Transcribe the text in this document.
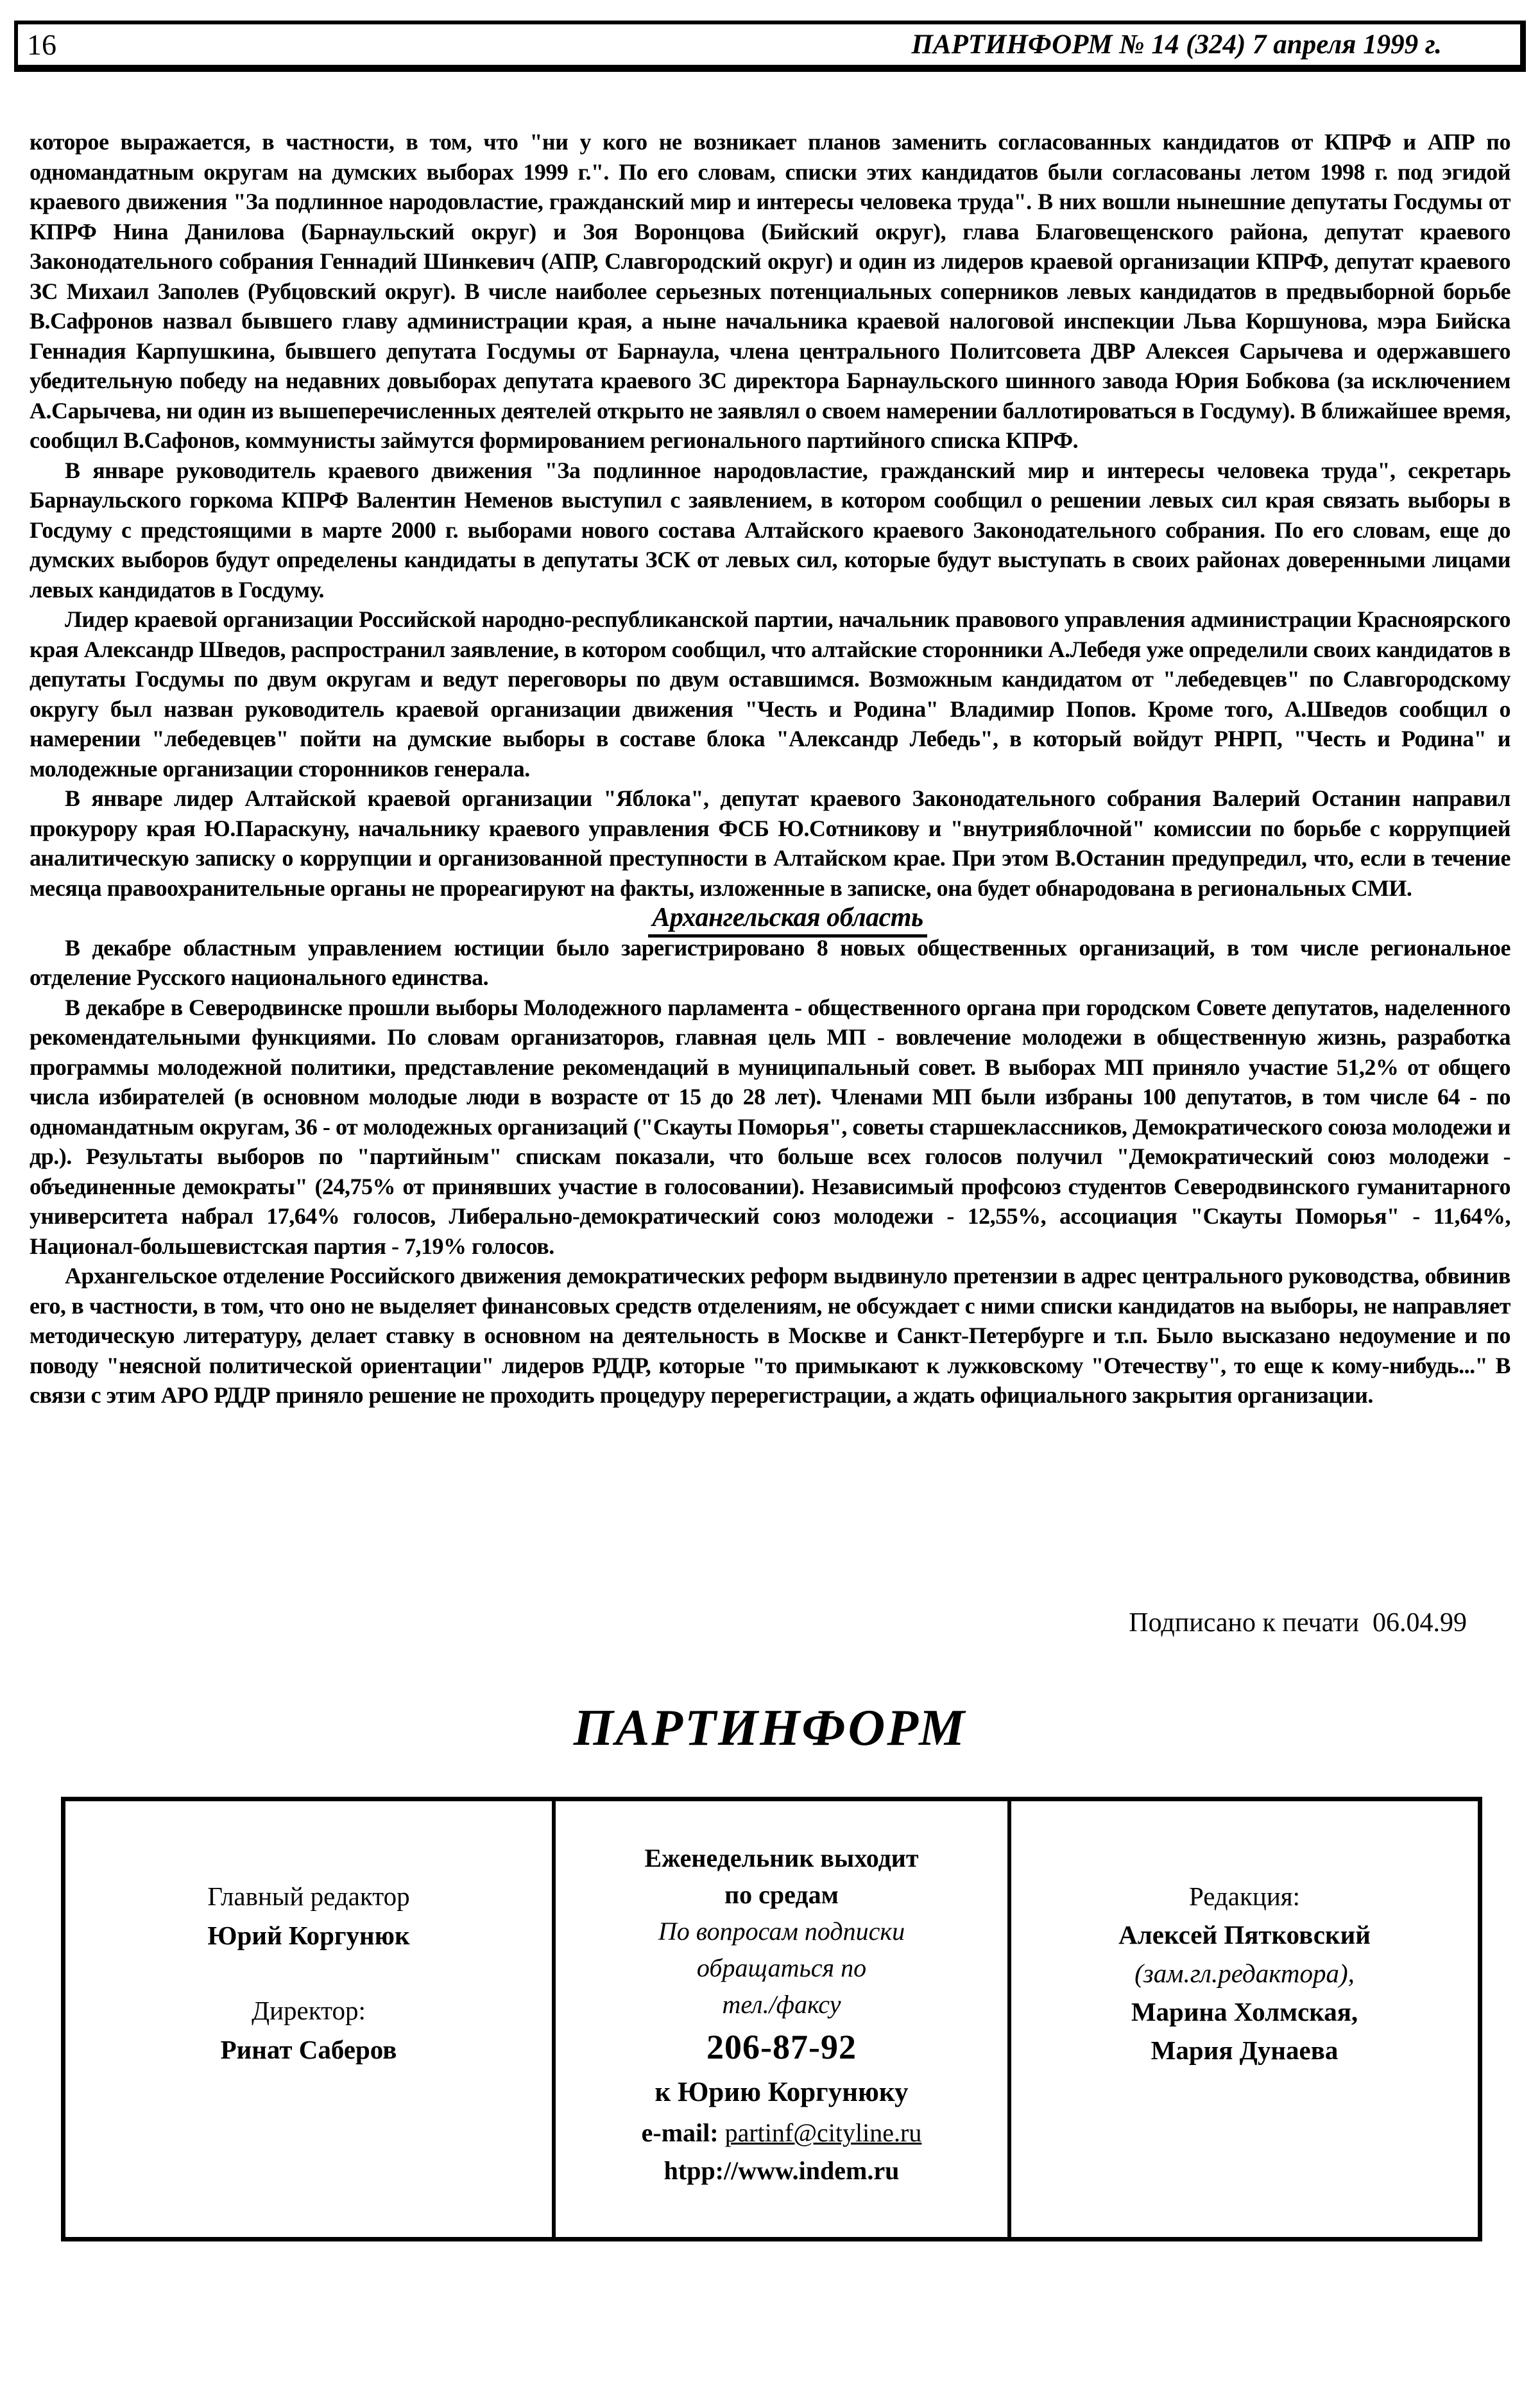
16	ПАРТИНФОРМ № 14 (324) 7 апреля 1999 г.

которое выражается, в частности, в том, что "ни у кого не возникает планов заменить согласованных кандидатов от КПРФ и АПР по одномандатным округам на думских выборах 1999 г.". По его словам, списки этих кандидатов были согласованы летом 1998 г. под эгидой краевого движения "За подлинное народовластие, гражданский мир и интересы человека труда". В них вошли нынешние депутаты Госдумы от КПРФ Нина Данилова (Барнаульский округ) и Зоя Воронцова (Бийский округ), глава Благовещенского района, депутат краевого Законодательного собрания Геннадий Шинкевич (АПР, Славгородский округ) и один из лидеров краевой организации КПРФ, депутат краевого ЗС Михаил Заполев (Рубцовский округ). В числе наиболее серьезных потенциальных соперников левых кандидатов в предвыборной борьбе В.Сафронов назвал бывшего главу администрации края, а ныне начальника краевой налоговой инспекции Льва Коршунова, мэра Бийска Геннадия Карпушкина, бывшего депутата Госдумы от Барнаула, члена центрального Политсовета ДВР Алексея Сарычева и одержавшего убедительную победу на недавних довыборах депутата краевого ЗС директора Барнаульского шинного завода Юрия Бобкова (за исключением А.Сарычева, ни один из вышеперечисленных деятелей открыто не заявлял о своем намерении баллотироваться в Госдуму). В ближайшее время, сообщил В.Сафонов, коммунисты займутся формированием регионального партийного списка КПРФ.

В январе руководитель краевого движения "За подлинное народовластие, гражданский мир и интересы человека труда", секретарь Барнаульского горкома КПРФ Валентин Неменов выступил с заявлением, в котором сообщил о решении левых сил края связать выборы в Госдуму с предстоящими в марте 2000 г. выборами нового состава Алтайского краевого Законодательного собрания. По его словам, еще до думских выборов будут определены кандидаты в депутаты ЗСК от левых сил, которые будут выступать в своих районах доверенными лицами левых кандидатов в Госдуму.

Лидер краевой организации Российской народно-республиканской партии, начальник правового управления администрации Красноярского края Александр Шведов, распространил заявление, в котором сообщил, что алтайские сторонники А.Лебедя уже определили своих кандидатов в депутаты Госдумы по двум округам и ведут переговоры по двум оставшимся. Возможным кандидатом от "лебедевцев" по Славгородскому округу был назван руководитель краевой организации движения "Честь и Родина" Владимир Попов. Кроме того, А.Шведов сообщил о намерении "лебедевцев" пойти на думские выборы в составе блока "Александр Лебедь", в который войдут РНРП, "Честь и Родина" и молодежные организации сторонников генерала.

В январе лидер Алтайской краевой организации "Яблока", депутат краевого Законодательного собрания Валерий Останин направил прокурору края Ю.Параскуну, начальнику краевого управления ФСБ Ю.Сотникову и "внутрияблочной" комиссии по борьбе с коррупцией аналитическую записку о коррупции и организованной преступности в Алтайском крае. При этом В.Останин предупредил, что, если в течение месяца правоохранительные органы не прореагируют на факты, изложенные в записке, она будет обнародована в региональных СМИ.

Архангельская область

В декабре областным управлением юстиции было зарегистрировано 8 новых общественных организаций, в том числе региональное отделение Русского национального единства.

В декабре в Северодвинске прошли выборы Молодежного парламента - общественного органа при городском Совете депутатов, наделенного рекомендательными функциями. По словам организаторов, главная цель МП - вовлечение молодежи в общественную жизнь, разработка программы молодежной политики, представление рекомендаций в муниципальный совет. В выборах МП приняло участие 51,2% от общего числа избирателей (в основном молодые люди в возрасте от 15 до 28 лет). Членами МП были избраны 100 депутатов, в том числе 64 - по одномандатным округам, 36 - от молодежных организаций ("Скауты Поморья", советы старшеклассников, Демократического союза молодежи и др.). Результаты выборов по "партийным" спискам показали, что больше всех голосов получил "Демократический союз молодежи - объединенные демократы" (24,75% от принявших участие в голосовании). Независимый профсоюз студентов Северодвинского гуманитарного университета набрал 17,64% голосов, Либерально-демократический союз молодежи - 12,55%, ассоциация "Скауты Поморья" - 11,64%, Национал-большевистская партия - 7,19% голосов.

Архангельское отделение Российского движения демократических реформ выдвинуло претензии в адрес центрального руководства, обвинив его, в частности, в том, что оно не выделяет финансовых средств отделениям, не обсуждает с ними списки кандидатов на выборы, не направляет методическую литературу, делает ставку в основном на деятельность в Москве и Санкт-Петербурге и т.п. Было высказано недоумение и по поводу "неясной политической ориентации" лидеров РДДР, которые "то примыкают к лужковскому "Отечеству", то еще к кому-нибудь..." В связи с этим АРО РДДР приняло решение не проходить процедуру перерегистрации, а ждать официального закрытия организации.

Подписано к печати  06.04.99
ПАРТИНФОРМ
Главный редактор
Юрий Коргунюк
Директор:
Ринат Саберов
Еженедельник выходит
по средам
По вопросам подписки
обращаться по
тел./факсу
206-87-92
к Юрию Коргунюку
e-mail: partinf@cityline.ru
htpp://www.indem.ru
Редакция:
Алексей Пятковский
(зам.гл.редактора),
Марина Холмская,
Мария Дунаева
